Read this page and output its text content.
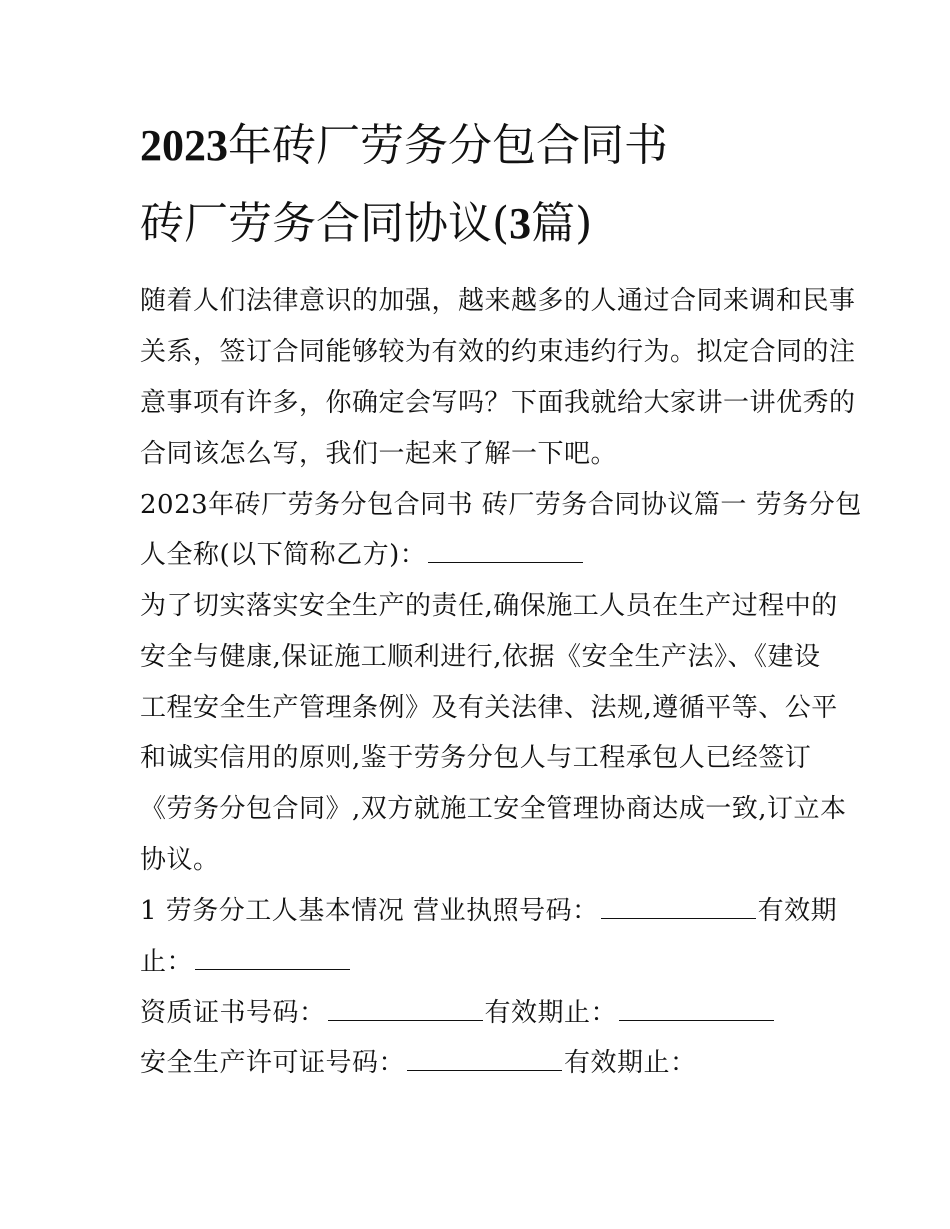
2023年砖厂劳务分包合同书
砖厂劳务合同协议(3篇)
随着人们法律意识的加强，越来越多的人通过合同来调和民事
关系，签订合同能够较为有效的约束违约行为。拟定合同的注
意事项有许多，你确定会写吗？下面我就给大家讲一讲优秀的
合同该怎么写，我们一起来了解一下吧。
2023年砖厂劳务分包合同书 砖厂劳务合同协议篇一 劳务分包
人全称(以下简称乙方)：
为了切实落实安全生产的责任,确保施工人员在生产过程中的
安全与健康,保证施工顺利进行,依据《安全生产法》、《建设
工程安全生产管理条例》及有关法律、法规,遵循平等、公平
和诚实信用的原则,鉴于劳务分包人与工程承包人已经签订
《劳务分包合同》,双方就施工安全管理协商达成一致,订立本
协议。
1 劳务分工人基本情况 营业执照号码：	有效期
止：
资质证书号码：	有效期止：
安全生产许可证号码：	有效期止：
